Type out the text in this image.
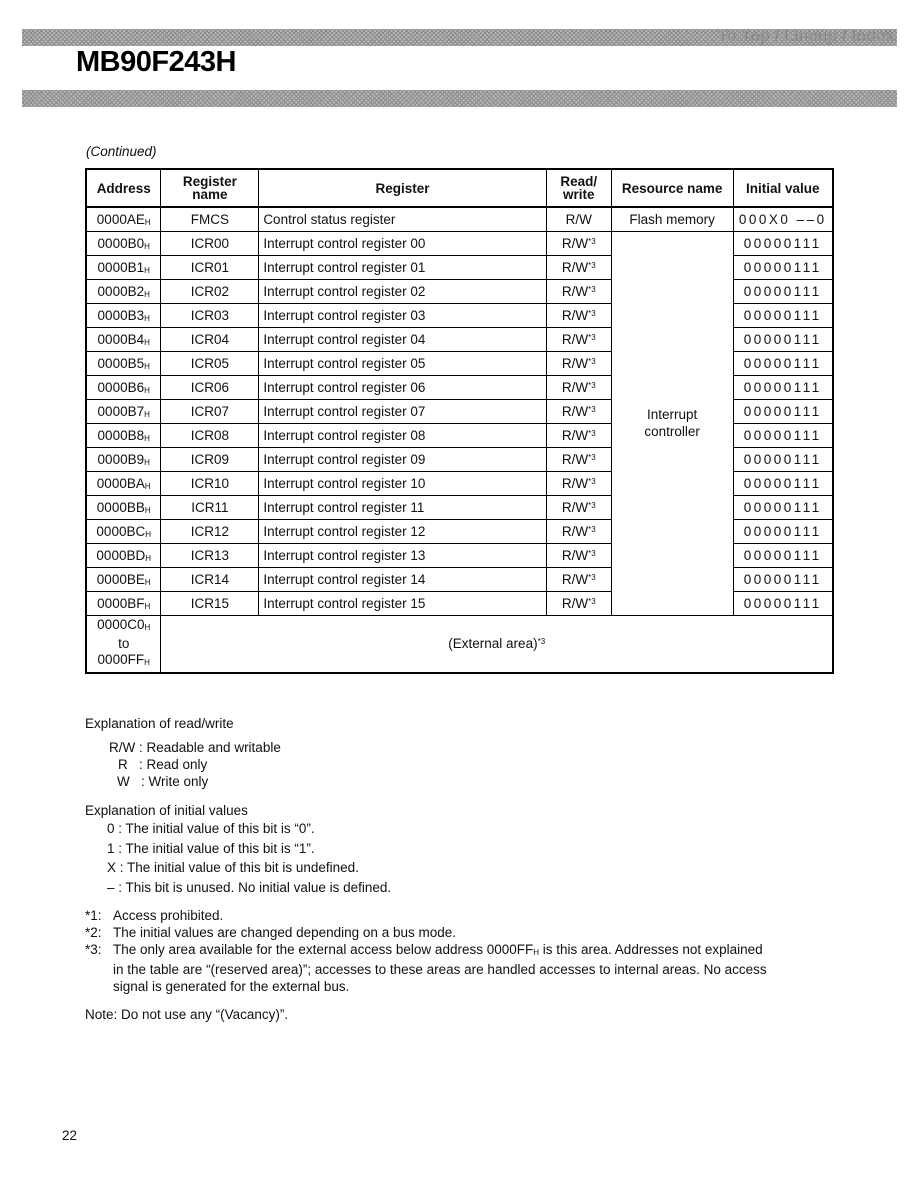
To Top / Lineup / Index
MB90F243H
(Continued)
Address	Register name	Register	Read/ write	Resource name	Initial value
$0000AE_H$	FMCS	Control status register	R/W	Flash memory	000X0 ––0
$0000B0_H$	ICR00	Interrupt control register 00	$R/W^{*3}$	Interrupt controller	00000111
$0000B1_H$	ICR01	Interrupt control register 01	$R/W^{*3}$		00000111
$0000B2_H$	ICR02	Interrupt control register 02	$R/W^{*3}$		00000111
$0000B3_H$	ICR03	Interrupt control register 03	$R/W^{*3}$		00000111
$0000B4_H$	ICR04	Interrupt control register 04	$R/W^{*3}$		00000111
$0000B5_H$	ICR05	Interrupt control register 05	$R/W^{*3}$		00000111
$0000B6_H$	ICR06	Interrupt control register 06	$R/W^{*3}$		00000111
$0000B7_H$	ICR07	Interrupt control register 07	$R/W^{*3}$		00000111
$0000B8_H$	ICR08	Interrupt control register 08	$R/W^{*3}$		00000111
$0000B9_H$	ICR09	Interrupt control register 09	$R/W^{*3}$		00000111
$0000BA_H$	ICR10	Interrupt control register 10	$R/W^{*3}$		00000111
$0000BB_H$	ICR11	Interrupt control register 11	$R/W^{*3}$		00000111
$0000BC_H$	ICR12	Interrupt control register 12	$R/W^{*3}$		00000111
$0000BD_H$	ICR13	Interrupt control register 13	$R/W^{*3}$		00000111
$0000BE_H$	ICR14	Interrupt control register 14	$R/W^{*3}$		00000111
$0000BF_H$	ICR15	Interrupt control register 15	$R/W^{*3}$		00000111

$0000C0_H$
to
$0000FF_H$	(External area)$^{*3}$
Explanation of read/write
R/W : Readable and writable
R   : Read only
W   : Write only
Explanation of initial values
0 : The initial value of this bit is “0”.
1 : The initial value of this bit is “1”.
X : The initial value of this bit is undefined.
– : This bit is unused. No initial value is defined.
*1: Access prohibited.
*2: The initial values are changed depending on a bus mode.
*3: The only area available for the external access below address $0000FF_H$ is this area. Addresses not explained
in the table are “(reserved area)”; accesses to these areas are handled accesses to internal areas. No access
signal is generated for the external bus.
Note: Do not use any “(Vacancy)”.
22
